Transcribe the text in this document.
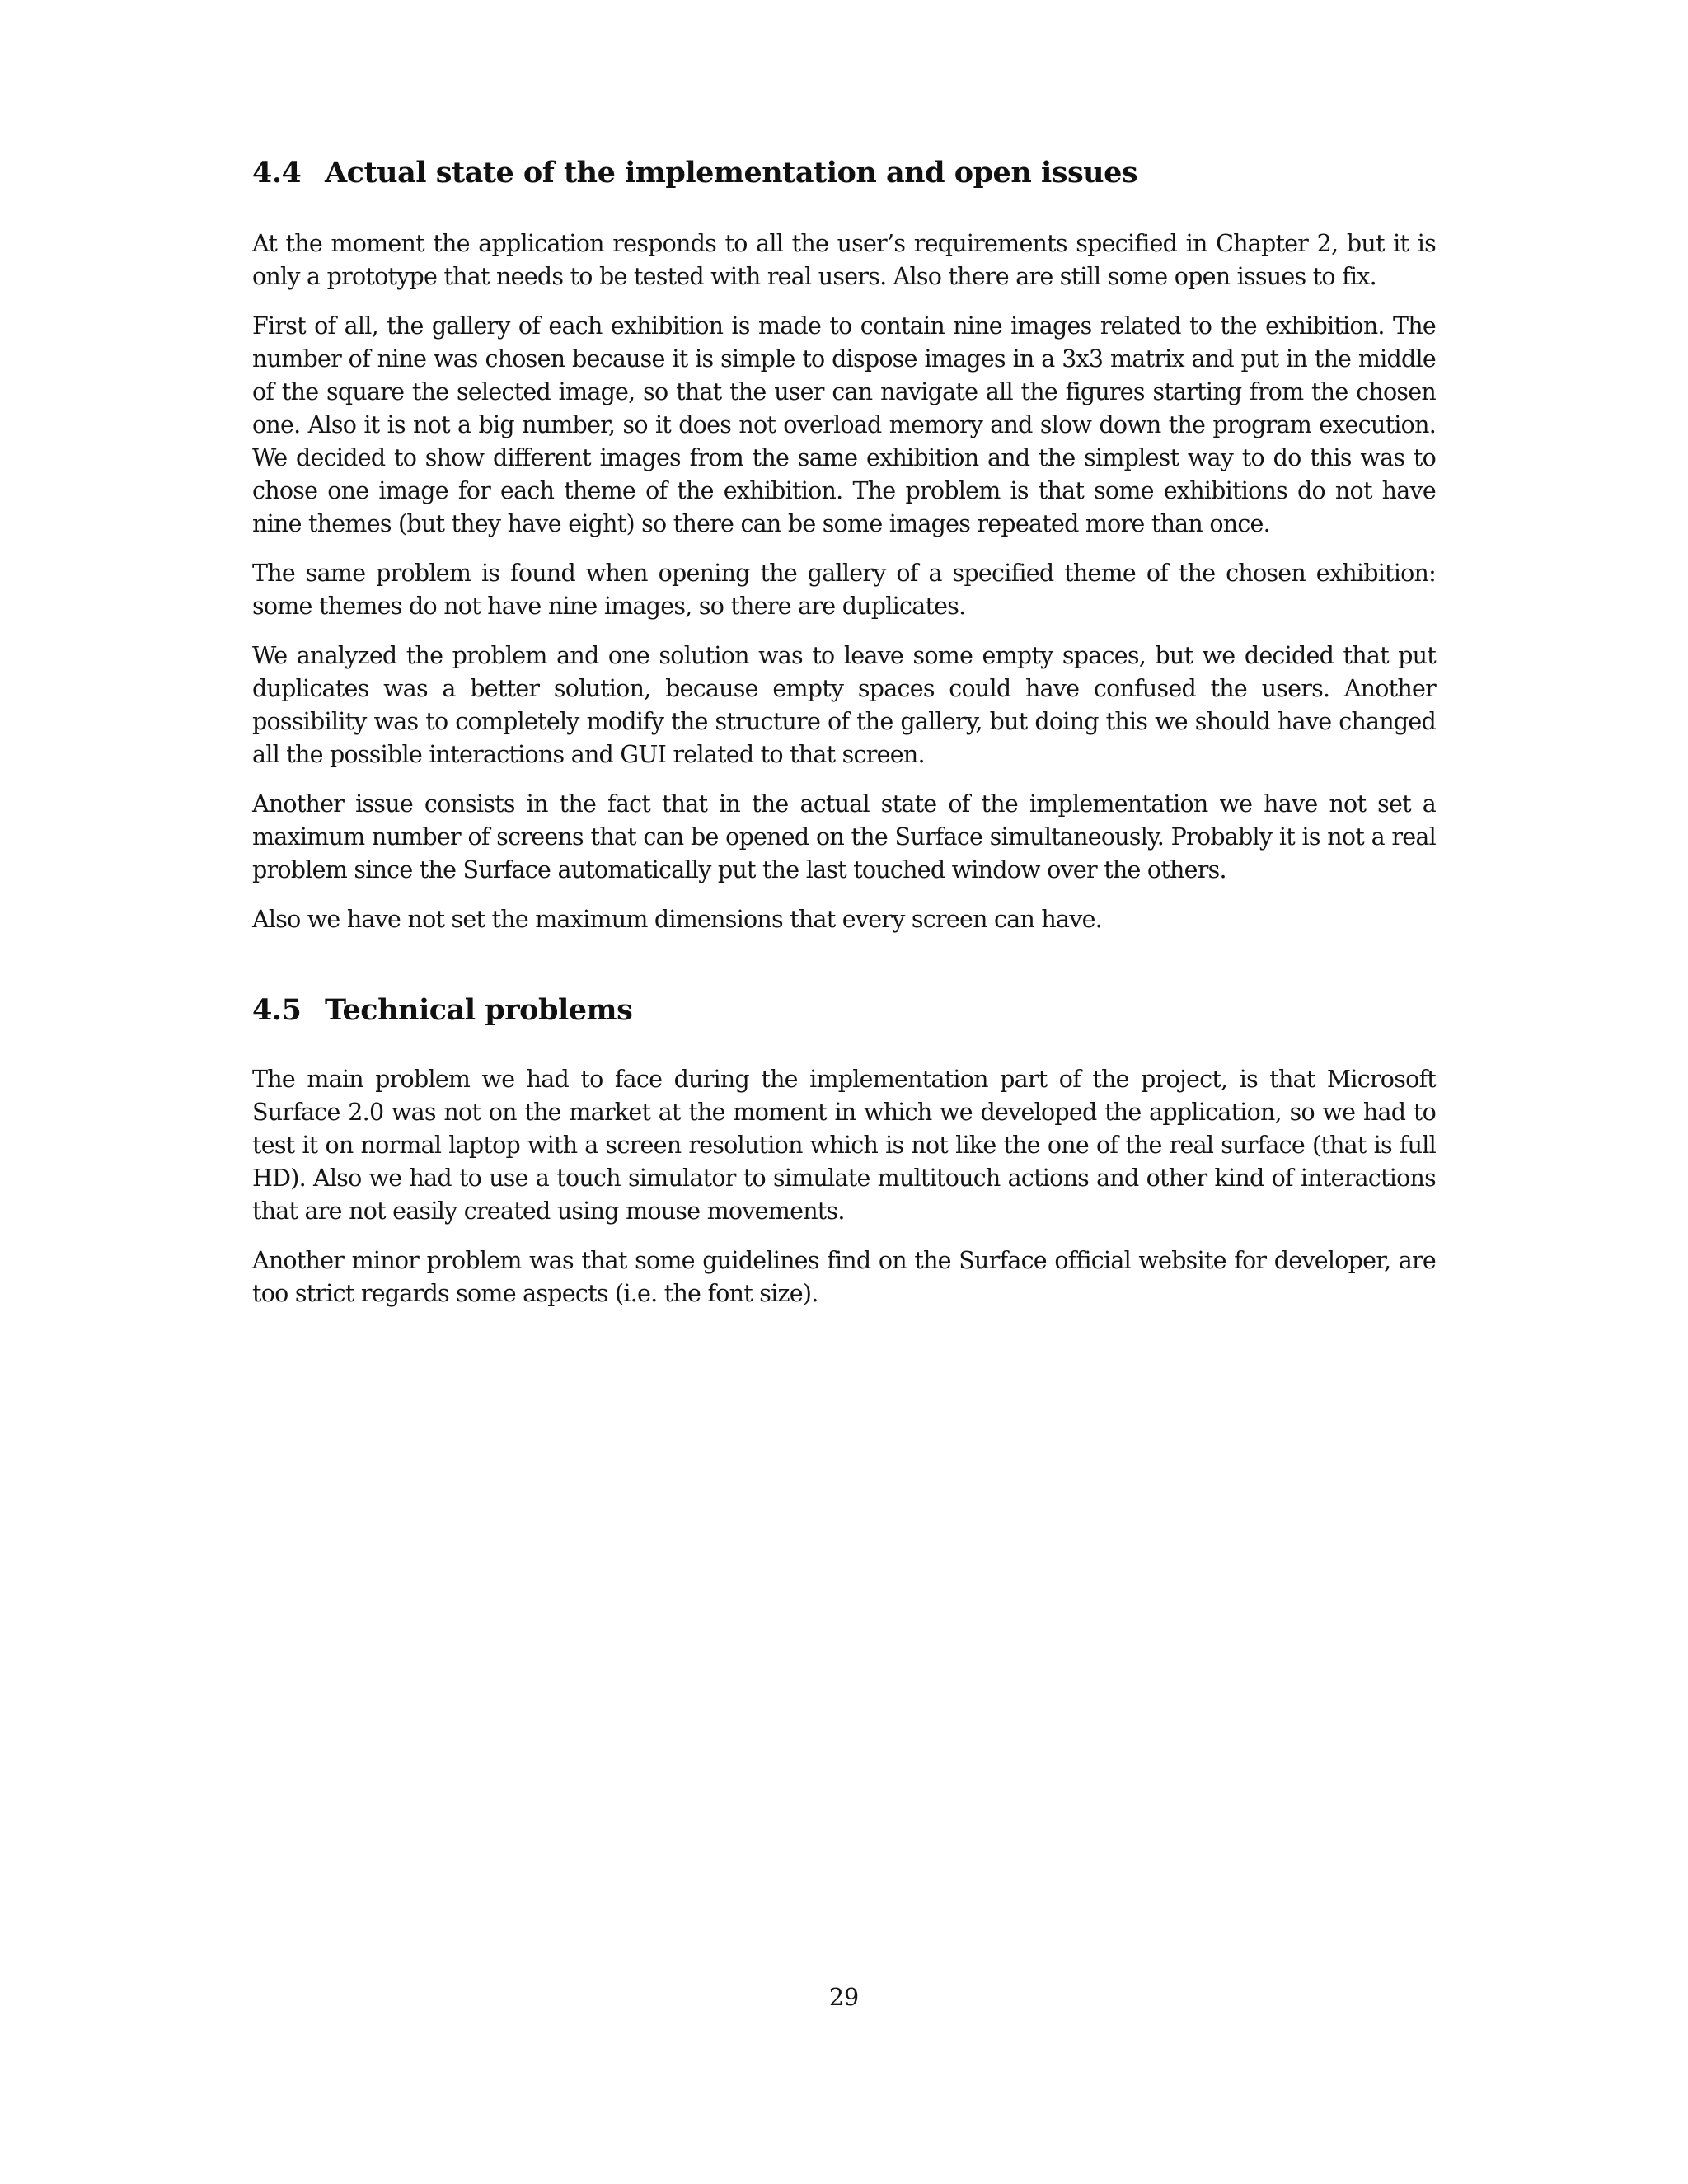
4.4 Actual state of the implementation and open issues

At the moment the application responds to all the user’s requirements specified in Chapter 2, but it is only a prototype that needs to be tested with real users. Also there are still some open issues to fix.

First of all, the gallery of each exhibition is made to contain nine images related to the exhibition. The number of nine was chosen because it is simple to dispose images in a 3x3 matrix and put in the middle of the square the selected image, so that the user can navigate all the figures starting from the chosen one. Also it is not a big number, so it does not overload memory and slow down the program execution. We decided to show different images from the same exhibition and the simplest way to do this was to chose one image for each theme of the exhibition. The problem is that some exhibitions do not have nine themes (but they have eight) so there can be some images repeated more than once.

The same problem is found when opening the gallery of a specified theme of the chosen exhibition: some themes do not have nine images, so there are duplicates.

We analyzed the problem and one solution was to leave some empty spaces, but we decided that put duplicates was a better solution, because empty spaces could have confused the users. Another possibility was to completely modify the structure of the gallery, but doing this we should have changed all the possible interactions and GUI related to that screen.

Another issue consists in the fact that in the actual state of the implementation we have not set a maximum number of screens that can be opened on the Surface simultaneously. Probably it is not a real problem since the Surface automatically put the last touched window over the others.

Also we have not set the maximum dimensions that every screen can have.

4.5 Technical problems

The main problem we had to face during the implementation part of the project, is that Microsoft Surface 2.0 was not on the market at the moment in which we developed the application, so we had to test it on normal laptop with a screen resolution which is not like the one of the real surface (that is full HD). Also we had to use a touch simulator to simulate multitouch actions and other kind of interactions that are not easily created using mouse movements.

Another minor problem was that some guidelines find on the Surface official website for developer, are too strict regards some aspects (i.e. the font size).

29
